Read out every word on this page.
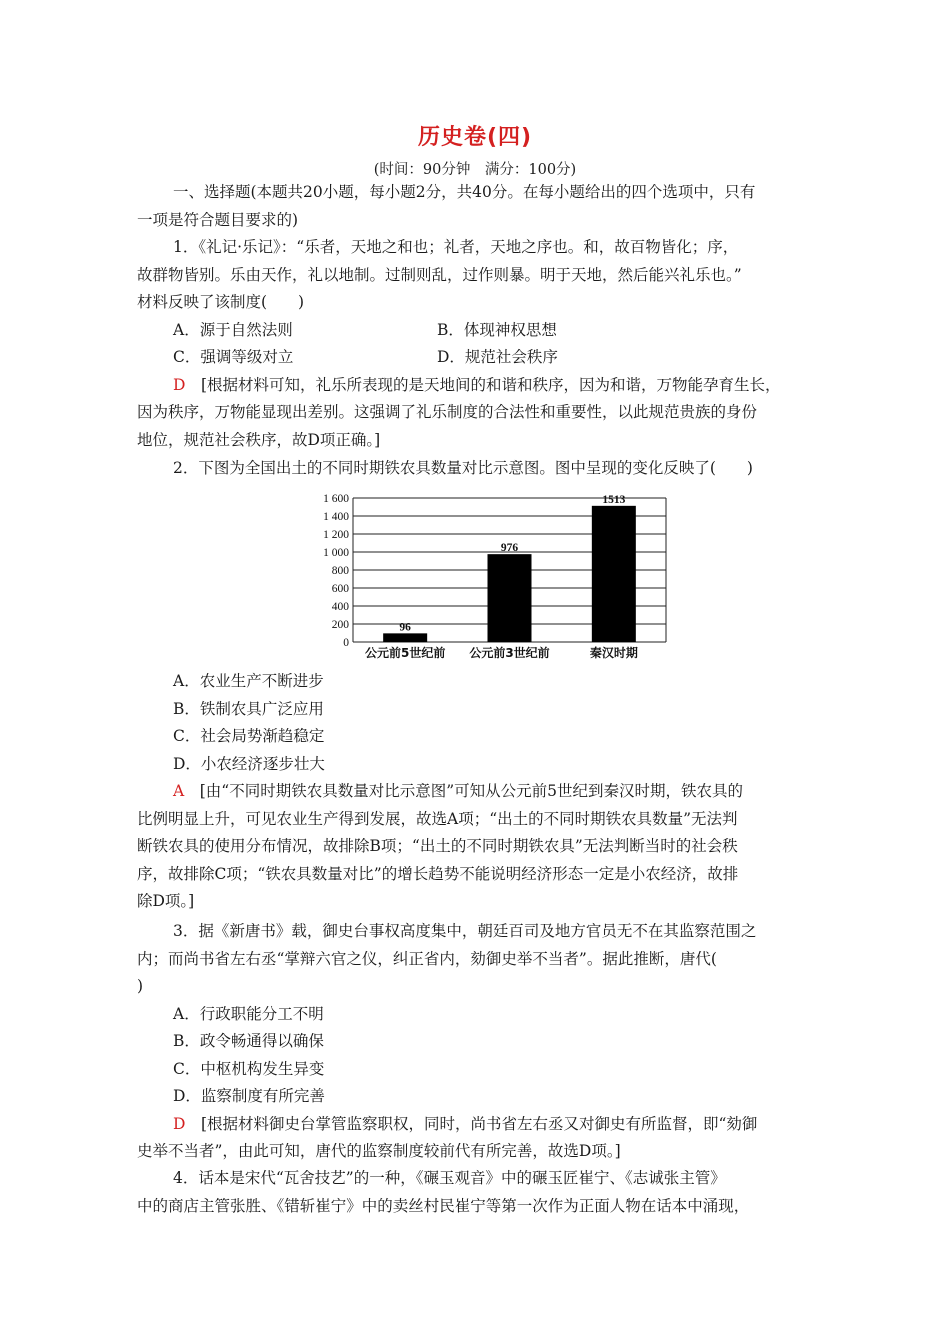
历史卷(四)
(时间：90分钟　满分：100分)

一、选择题(本题共20小题，每小题2分，共40分。在每小题给出的四个选项中，只有

一项是符合题目要求的)

1．《礼记·乐记》：“乐者，天地之和也；礼者，天地之序也。和，故百物皆化；序，

故群物皆别。乐由天作，礼以地制。过制则乱，过作则暴。明于天地，然后能兴礼乐也。”

材料反映了该制度(　　)

A．源于自然法则	B．体现神权思想
C．强调等级对立	D．规范社会秩序

D　 [根据材料可知，礼乐所表现的是天地间的和谐和秩序，因为和谐，万物能孕育生长，

因为秩序，万物能显现出差别。这强调了礼乐制度的合法性和重要性，以此规范贵族的身份

地位，规范社会秩序，故D项正确。]

2．下图为全国出土的不同时期铁农具数量对比示意图。图中呈现的变化反映了(　　)

0
200
400
600
800
1 000
1 200
1 400
1 600
96
公元前5世纪前
976
公元前3世纪前
1513
秦汉时期

A．农业生产不断进步

B．铁制农具广泛应用

C．社会局势渐趋稳定

D．小农经济逐步壮大

A　 [由“不同时期铁农具数量对比示意图”可知从公元前5世纪到秦汉时期，铁农具的

比例明显上升，可见农业生产得到发展，故选A项；“出土的不同时期铁农具数量”无法判

断铁农具的使用分布情况，故排除B项；“出土的不同时期铁农具”无法判断当时的社会秩

序，故排除C项；“铁农具数量对比”的增长趋势不能说明经济形态一定是小农经济，故排

除D项。]

3．据《新唐书》载，御史台事权高度集中，朝廷百司及地方官员无不在其监察范围之

内；而尚书省左右丞“掌辩六官之仪，纠正省内，劾御史举不当者”。据此推断，唐代(

)

A．行政职能分工不明

B．政令畅通得以确保

C．中枢机构发生异变

D．监察制度有所完善

D　 [根据材料御史台掌管监察职权，同时，尚书省左右丞又对御史有所监督，即“劾御

史举不当者”，由此可知，唐代的监察制度较前代有所完善，故选D项。]

4．话本是宋代“瓦舍技艺”的一种，《碾玉观音》中的碾玉匠崔宁、《志诚张主管》

中的商店主管张胜、《错斩崔宁》中的卖丝村民崔宁等第一次作为正面人物在话本中涌现，
